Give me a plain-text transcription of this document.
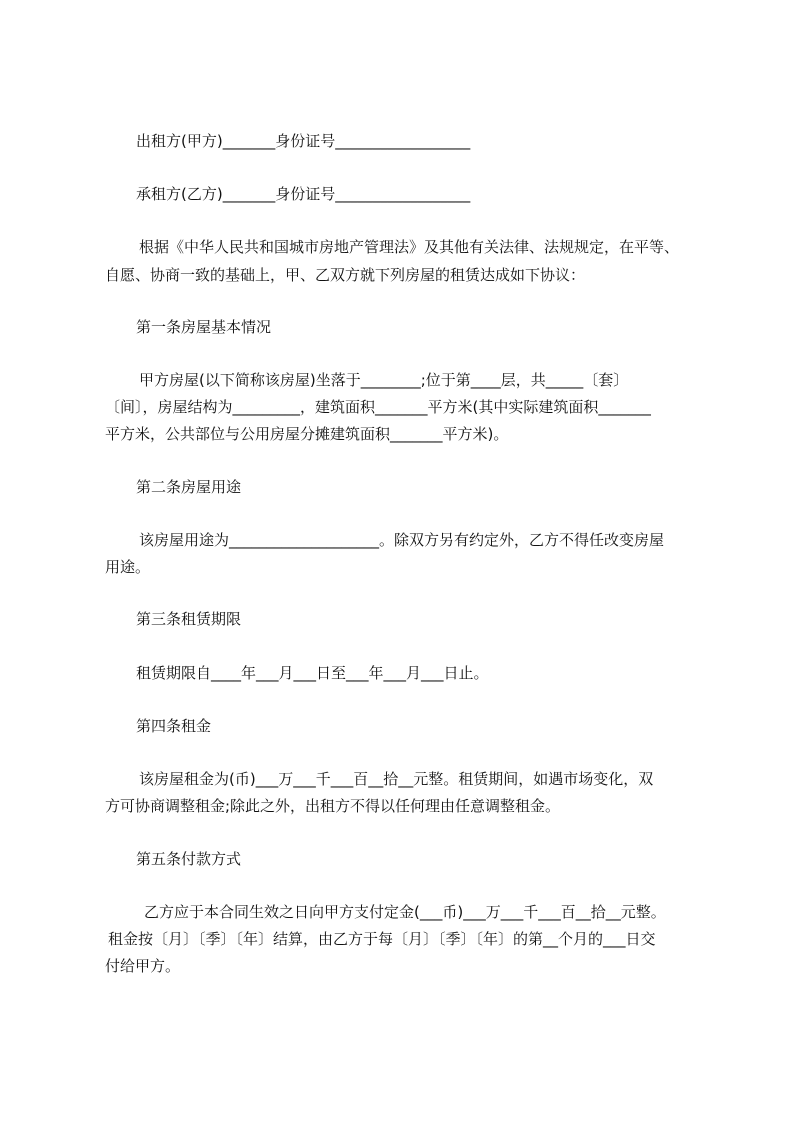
出租方(甲方)_______身份证号__________________

承租方(乙方)_______身份证号__________________

根据《中华人民共和国城市房地产管理法》及其他有关法律、法规规定，在平等、

自愿、协商一致的基础上，甲、乙双方就下列房屋的租赁达成如下协议：

第一条房屋基本情况

甲方房屋(以下简称该房屋)坐落于________;位于第____层，共_____〔套〕

〔间〕，房屋结构为_________，建筑面积_______平方米(其中实际建筑面积_______

平方米，公共部位与公用房屋分摊建筑面积_______平方米)。

第二条房屋用途

该房屋用途为____________________。除双方另有约定外，乙方不得任改变房屋

用途。

第三条租赁期限

租赁期限自____年___月___日至___年___月___日止。

第四条租金

该房屋租金为(币)___万___千___百__拾__元整。租赁期间，如遇市场变化，双

方可协商调整租金;除此之外，出租方不得以任何理由任意调整租金。

第五条付款方式

乙方应于本合同生效之日向甲方支付定金(___币)___万___千___百__拾__元整。

租金按〔月〕〔季〕〔年〕结算，由乙方于每〔月〕〔季〕〔年〕的第__个月的___日交

付给甲方。
